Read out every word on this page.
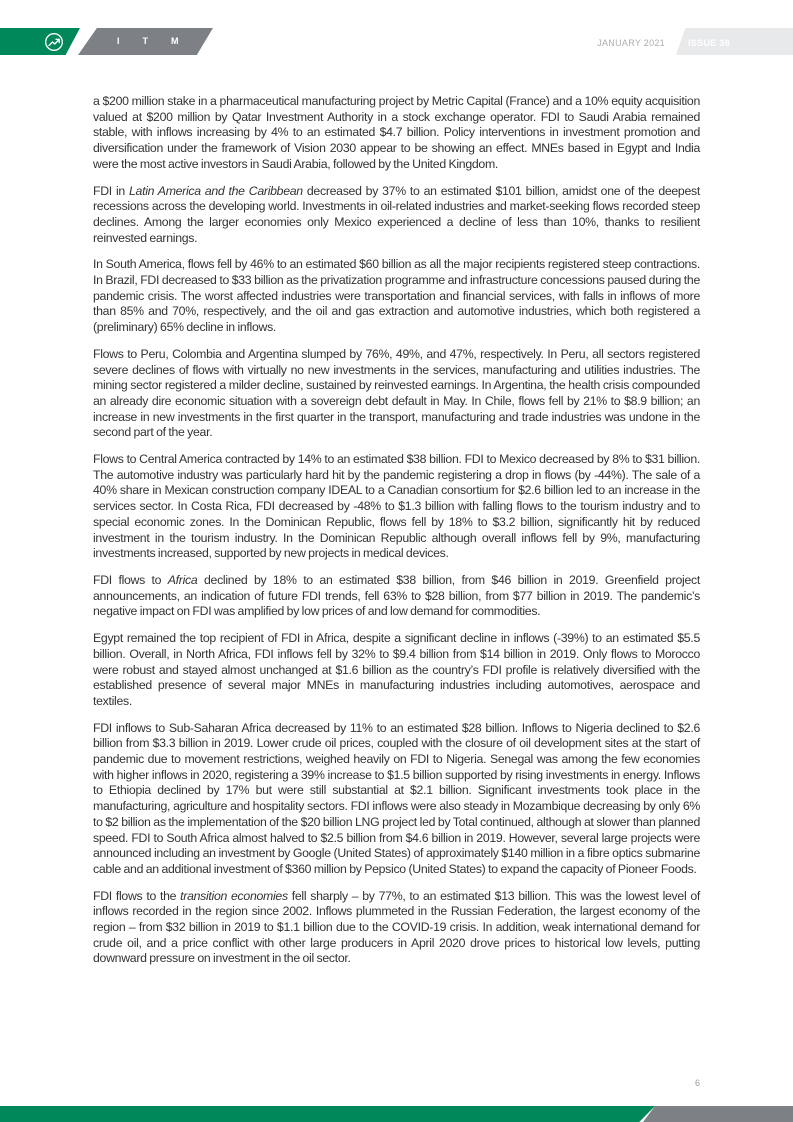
I T M	JANUARY 2021	ISSUE 38

a $200 million stake in a pharmaceutical manufacturing project by Metric Capital (France) and a 10% equity acquisition valued at $200 million by Qatar Investment Authority in a stock exchange operator. FDI to Saudi Arabia remained stable, with inflows increasing by 4% to an estimated $4.7 billion. Policy interventions in investment promotion and diversification under the framework of Vision 2030 appear to be showing an effect. MNEs based in Egypt and India were the most active investors in Saudi Arabia, followed by the United Kingdom.

FDI in Latin America and the Caribbean decreased by 37% to an estimated $101 billion, amidst one of the deepest recessions across the developing world. Investments in oil-related industries and market-seeking flows recorded steep declines. Among the larger economies only Mexico experienced a decline of less than 10%, thanks to resilient reinvested earnings.

In South America, flows fell by 46% to an estimated $60 billion as all the major recipients registered steep contractions. In Brazil, FDI decreased to $33 billion as the privatization programme and infrastructure concessions paused during the pandemic crisis. The worst affected industries were transportation and financial services, with falls in inflows of more than 85% and 70%, respectively, and the oil and gas extraction and automotive industries, which both registered a (preliminary) 65% decline in inflows.

Flows to Peru, Colombia and Argentina slumped by 76%, 49%, and 47%, respectively. In Peru, all sectors registered severe declines of flows with virtually no new investments in the services, manufacturing and utilities industries. The mining sector registered a milder decline, sustained by reinvested earnings. In Argentina, the health crisis compounded an already dire economic situation with a sovereign debt default in May. In Chile, flows fell by 21% to $8.9 billion; an increase in new investments in the first quarter in the transport, manufacturing and trade industries was undone in the second part of the year.

Flows to Central America contracted by 14% to an estimated $38 billion. FDI to Mexico decreased by 8% to $31 billion. The automotive industry was particularly hard hit by the pandemic registering a drop in flows (by -44%). The sale of a 40% share in Mexican construction company IDEAL to a Canadian consortium for $2.6 billion led to an increase in the services sector. In Costa Rica, FDI decreased by -48% to $1.3 billion with falling flows to the tourism industry and to special economic zones. In the Dominican Republic, flows fell by 18% to $3.2 billion, significantly hit by reduced investment in the tourism industry. In the Dominican Republic although overall inflows fell by 9%, manufacturing investments increased, supported by new projects in medical devices.

FDI flows to Africa declined by 18% to an estimated $38 billion, from $46 billion in 2019. Greenfield project announcements, an indication of future FDI trends, fell 63% to $28 billion, from $77 billion in 2019. The pandemic’s negative impact on FDI was amplified by low prices of and low demand for commodities.

Egypt remained the top recipient of FDI in Africa, despite a significant decline in inflows (-39%) to an estimated $5.5 billion. Overall, in North Africa, FDI inflows fell by 32% to $9.4 billion from $14 billion in 2019. Only flows to Morocco were robust and stayed almost unchanged at $1.6 billion as the country’s FDI profile is relatively diversified with the established presence of several major MNEs in manufacturing industries including automotives, aerospace and textiles.

FDI inflows to Sub-Saharan Africa decreased by 11% to an estimated $28 billion. Inflows to Nigeria declined to $2.6 billion from $3.3 billion in 2019. Lower crude oil prices, coupled with the closure of oil development sites at the start of pandemic due to movement restrictions, weighed heavily on FDI to Nigeria. Senegal was among the few economies with higher inflows in 2020, registering a 39% increase to $1.5 billion supported by rising investments in energy. Inflows to Ethiopia declined by 17% but were still substantial at $2.1 billion. Significant investments took place in the manufacturing, agriculture and hospitality sectors. FDI inflows were also steady in Mozambique decreasing by only 6% to $2 billion as the implementation of the $20 billion LNG project led by Total continued, although at slower than planned speed. FDI to South Africa almost halved to $2.5 billion from $4.6 billion in 2019. However, several large projects were announced including an investment by Google (United States) of approximately $140 million in a fibre optics submarine cable and an additional investment of $360 million by Pepsico (United States) to expand the capacity of Pioneer Foods.

FDI flows to the transition economies fell sharply – by 77%, to an estimated $13 billion. This was the lowest level of inflows recorded in the region since 2002. Inflows plummeted in the Russian Federation, the largest economy of the region – from $32 billion in 2019 to $1.1 billion due to the COVID-19 crisis. In addition, weak international demand for crude oil, and a price conflict with other large producers in April 2020 drove prices to historical low levels, putting downward pressure on investment in the oil sector.

6
